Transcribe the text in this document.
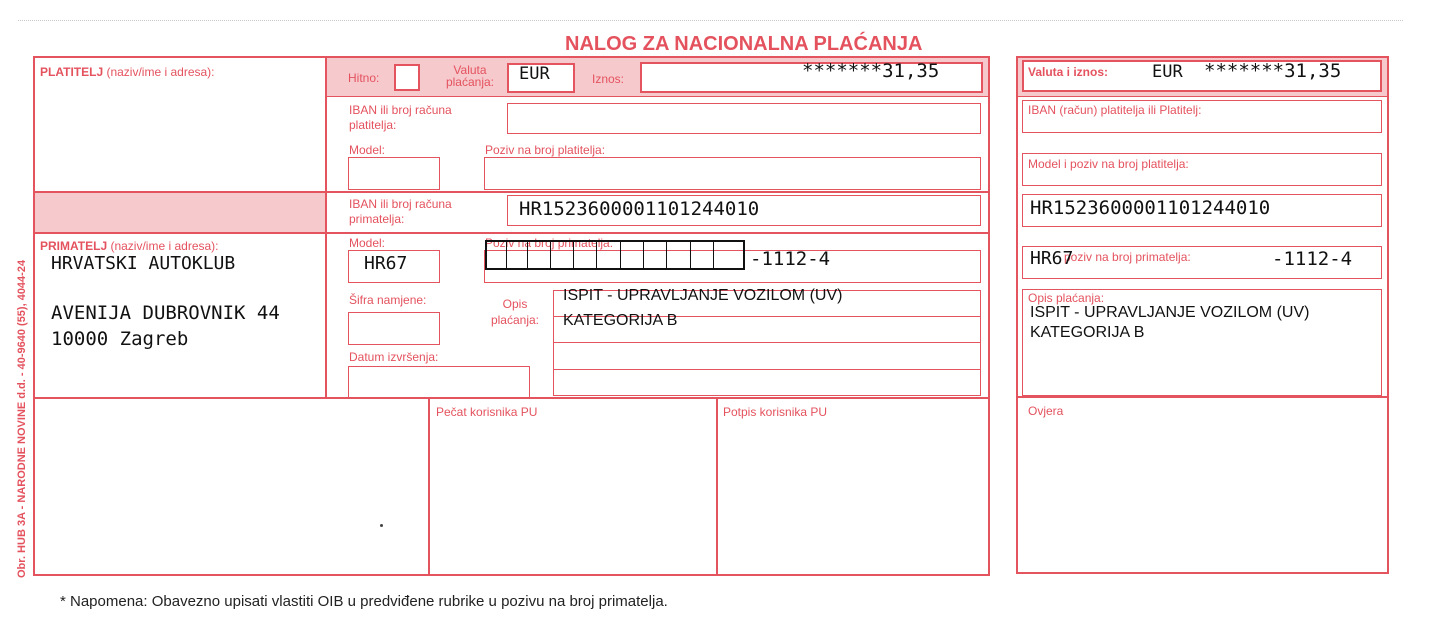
NALOG ZA NACIONALNA PLAĆANJA
Obr. HUB 3A - NARODNE NOVINE d.d. - 40-9640 (55), 4044-24
PLATITELJ (naziv/ime i adresa):	Hitno:
Valuta plaćanja:	EUR	Iznos:	*******31,35
IBAN ili broj računa platitelja:
Model:	Poziv na broj platitelja:
IBAN ili broj računa primatelja:	HR1523600001101244010
PRIMATELJ (naziv/ime i adresa):
HRVATSKI AUTOKLUB
AVENIJA DUBROVNIK 44
10000 Zagreb
Model:
HR67
Poziv na broj primatelja:
-1112-4
Šifra namjene:	Opis plaćanja:
ISPIT - UPRAVLJANJE VOZILOM (UV)
KATEGORIJA B
Datum izvršenja:
Pečat korisnika PU	Potpis korisnika PU
Valuta i iznos:	EUR *******31,35
IBAN (račun) platitelja ili Platitelj:
Model i poziv na broj platitelja:
HR1523600001101244010
poziv na broj primatelja:
HR67	-1112-4
Opis plaćanja:
ISPIT - UPRAVLJANJE VOZILOM (UV)
KATEGORIJA B
Ovjera
* Napomena: Obavezno upisati vlastiti OIB u predviđene rubrike u pozivu na broj primatelja.
